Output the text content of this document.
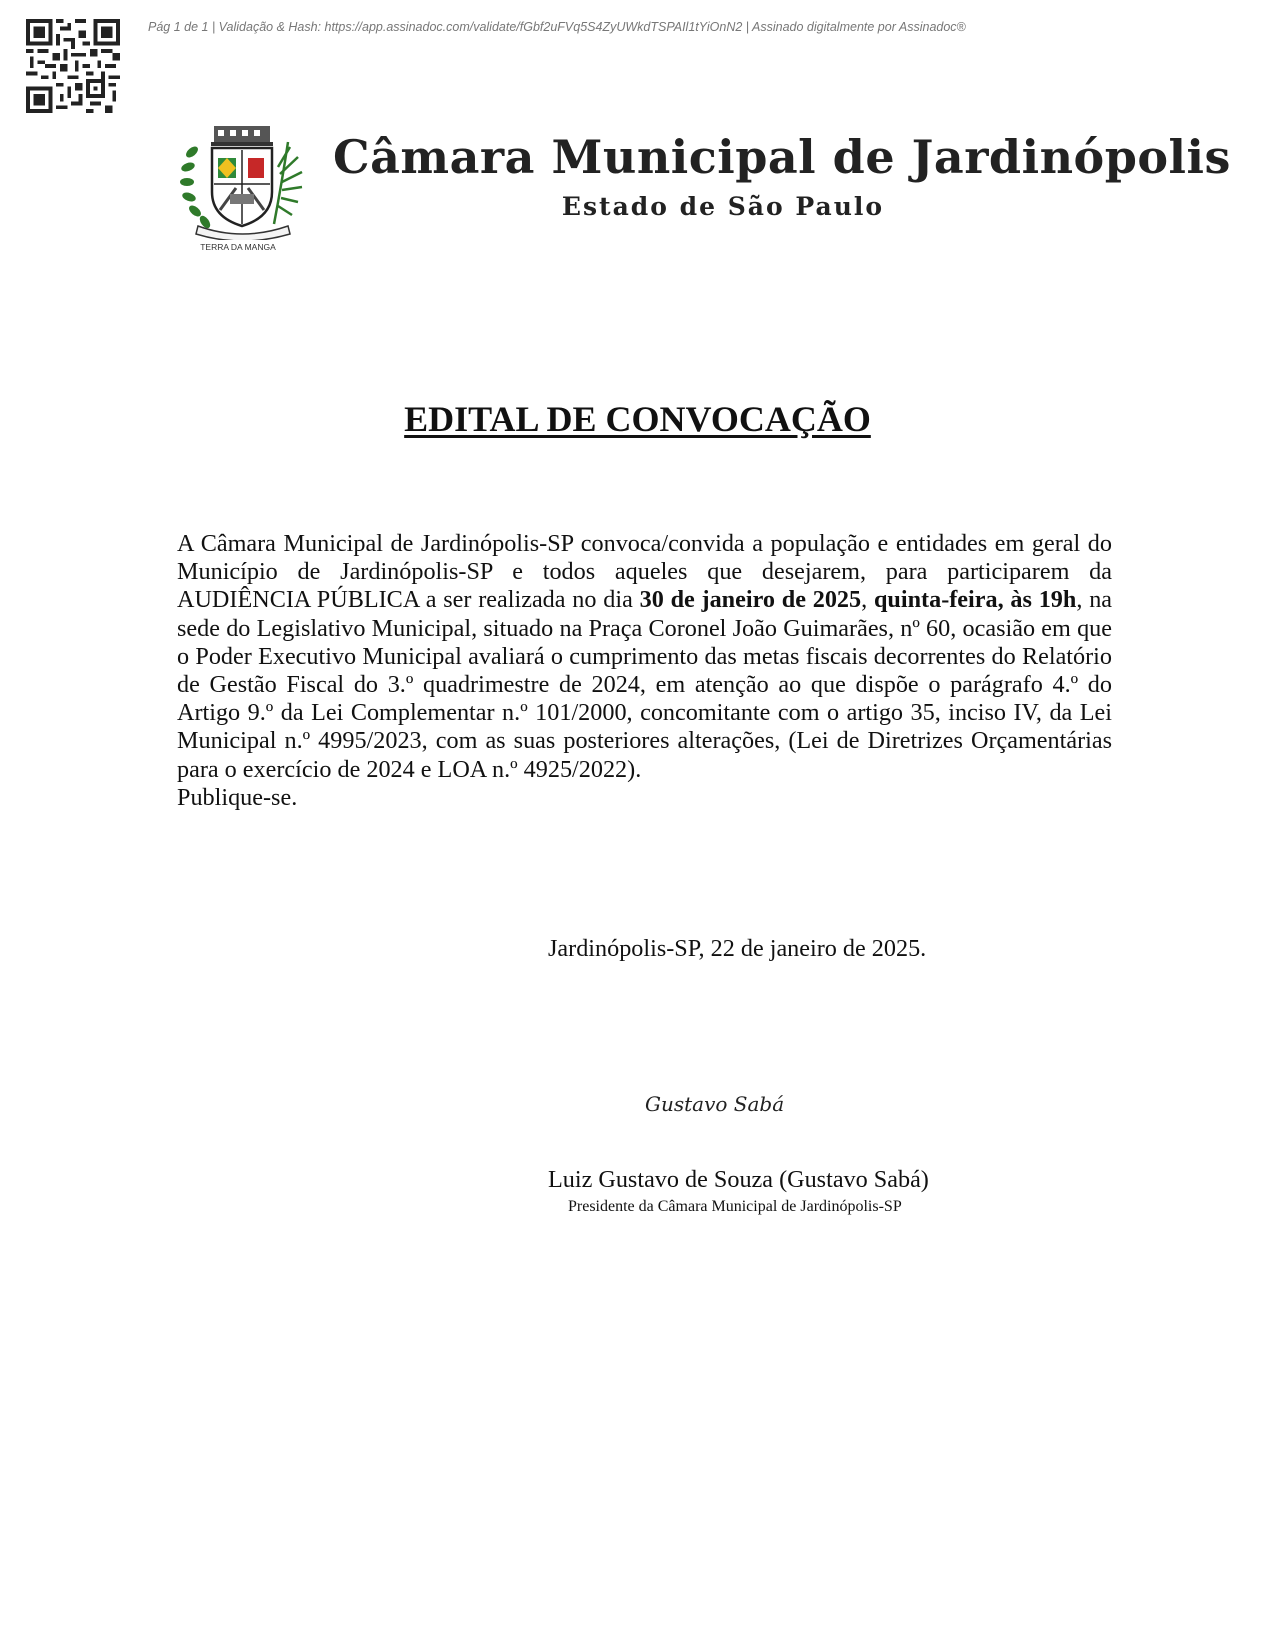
Pág 1 de 1 | Validação & Hash: https://app.assinadoc.com/validate/fGbf2uFVq5S4ZyUWkdTSPAIl1tYiOnN2 | Assinado digitalmente por Assinadoc®
TERRA DA MANGA
Câmara Municipal de Jardinópolis
Estado de São Paulo
EDITAL DE CONVOCAÇÃO

A Câmara Municipal de Jardinópolis-SP convoca/convida a população e entidades em geral do Município de Jardinópolis-SP e todos aqueles que desejarem, para participarem da AUDIÊNCIA PÚBLICA a ser realizada no dia 30 de janeiro de 2025, quinta-feira, às 19h, na sede do Legislativo Municipal, situado na Praça Coronel João Guimarães, nº 60, ocasião em que o Poder Executivo Municipal avaliará o cumprimento das metas fiscais decorrentes do Relatório de Gestão Fiscal do 3.º quadrimestre de 2024, em atenção ao que dispõe o parágrafo 4.º do Artigo 9.º da Lei Complementar n.º 101/2000, concomitante com o artigo 35, inciso IV, da Lei Municipal n.º 4995/2023, com as suas posteriores alterações, (Lei de Diretrizes Orçamentárias para o exercício de 2024 e LOA n.º 4925/2022).

Publique-se.

Jardinópolis-SP, 22 de janeiro de 2025.
Gustavo Sabá
Luiz Gustavo de Souza (Gustavo Sabá)
Presidente da Câmara Municipal de Jardinópolis-SP
